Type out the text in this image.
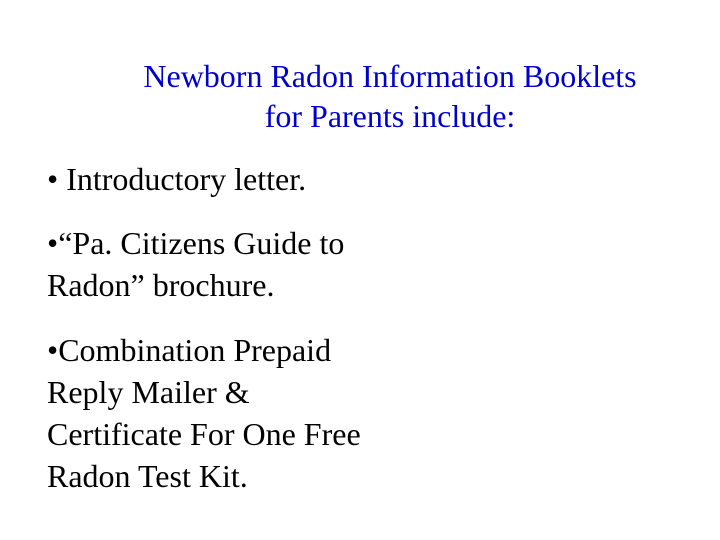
Newborn Radon Information Booklets
for Parents include:
• Introductory letter.
•“Pa. Citizens Guide to
Radon” brochure.
•Combination Prepaid
Reply Mailer &
Certificate For One Free
Radon Test Kit.
